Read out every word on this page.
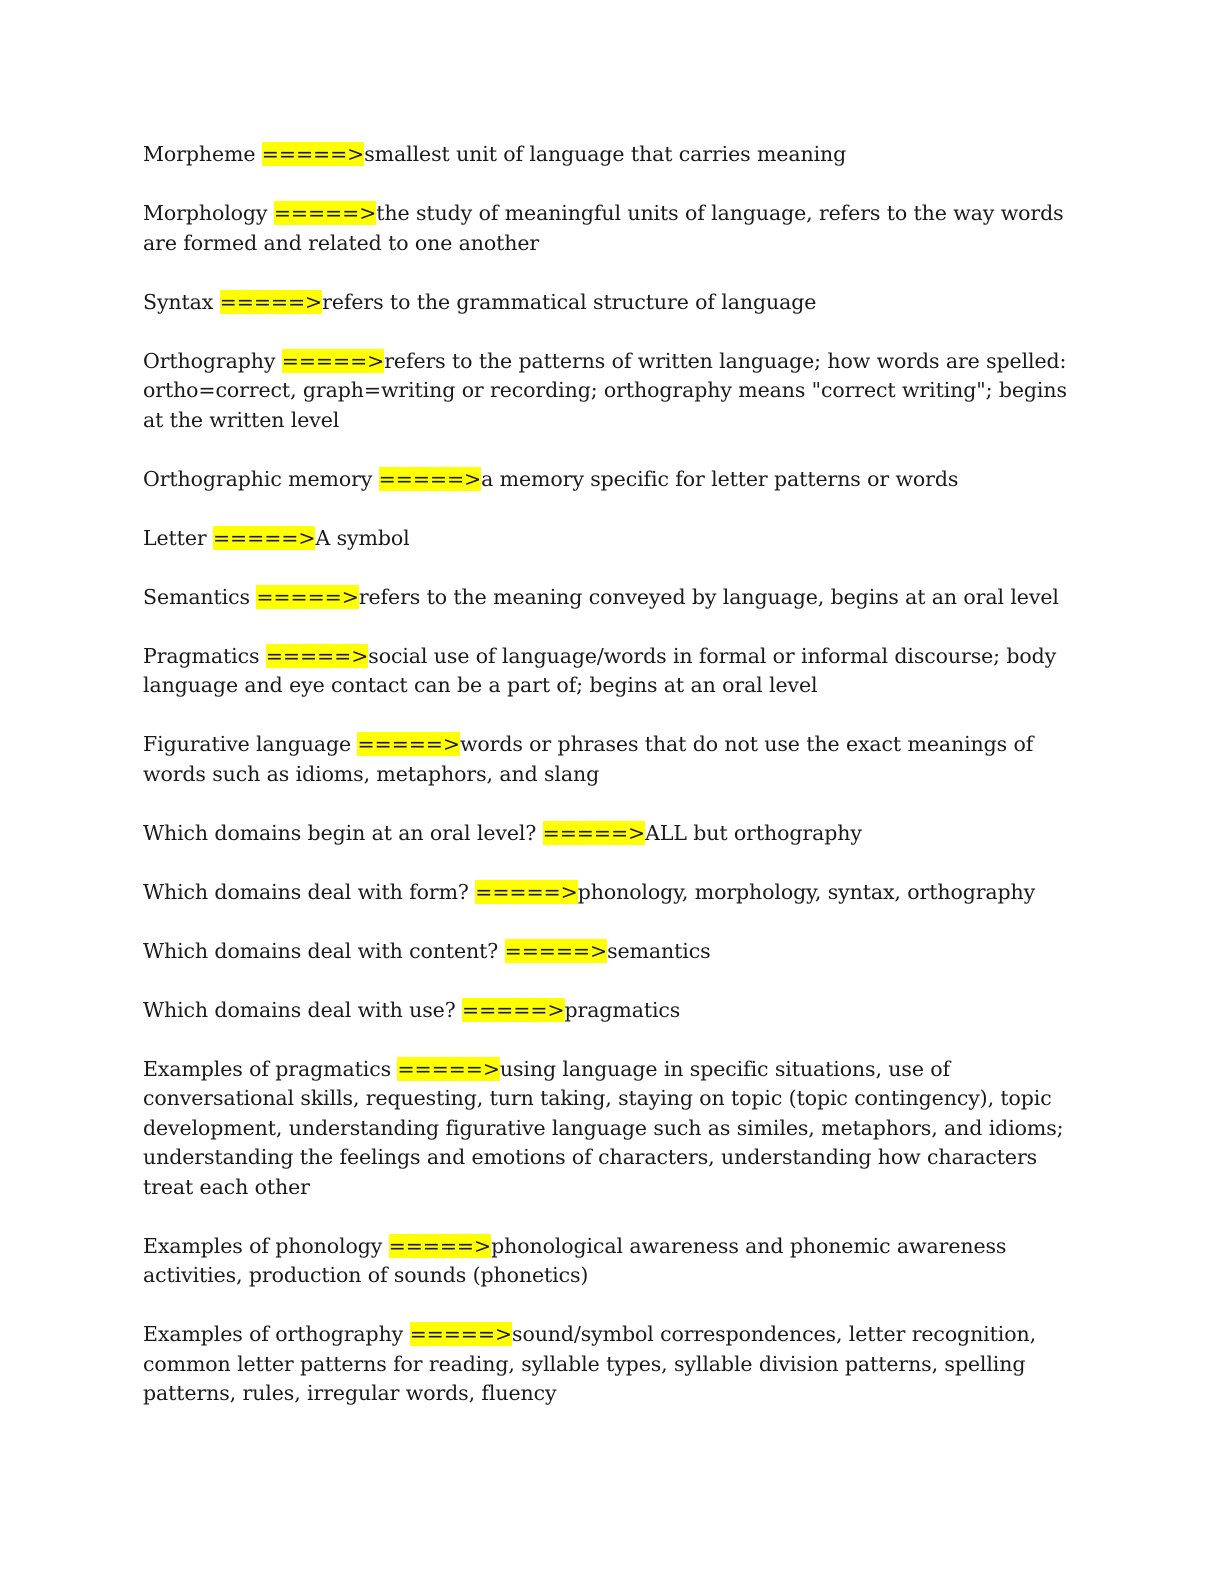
Morpheme =====>smallest unit of language that carries meaning

Morphology =====>the study of meaningful units of language, refers to the way words are formed and related to one another

Syntax =====>refers to the grammatical structure of language

Orthography =====>refers to the patterns of written language; how words are spelled: ortho=correct, graph=writing or recording; orthography means "correct writing"; begins at the written level

Orthographic memory =====>a memory specific for letter patterns or words

Letter =====>A symbol

Semantics =====>refers to the meaning conveyed by language, begins at an oral level

Pragmatics =====>social use of language/words in formal or informal discourse; body language and eye contact can be a part of; begins at an oral level

Figurative language =====>words or phrases that do not use the exact meanings of words such as idioms, metaphors, and slang

Which domains begin at an oral level? =====>ALL but orthography

Which domains deal with form? =====>phonology, morphology, syntax, orthography

Which domains deal with content? =====>semantics

Which domains deal with use? =====>pragmatics

Examples of pragmatics =====>using language in specific situations, use of conversational skills, requesting, turn taking, staying on topic (topic contingency), topic development, understanding figurative language such as similes, metaphors, and idioms; understanding the feelings and emotions of characters, understanding how characters treat each other

Examples of phonology =====>phonological awareness and phonemic awareness activities, production of sounds (phonetics)

Examples of orthography =====>sound/symbol correspondences, letter recognition, common letter patterns for reading, syllable types, syllable division patterns, spelling patterns, rules, irregular words, fluency
